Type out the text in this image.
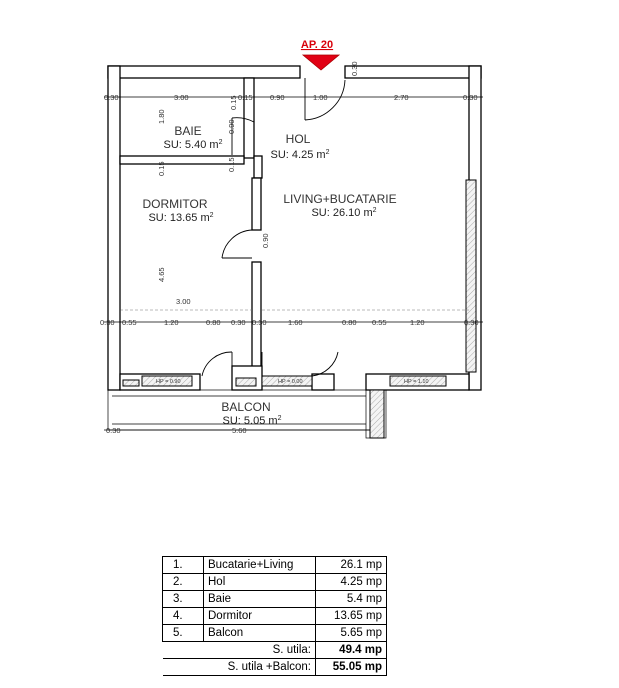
AP. 20
0.30	3.00	0.15 0.90	1.00	2.70	0.30
0.15
0.30
1.80
0.15
4.65
0.90
0.15
0.90
3.00
0.30 0.55	1.20	0.80 0.30 0.30	1.60	0.80 0.55	1.20	0.30
0.30	5.60
HP = 0.90	HP = 0.00	HP = 1.10
BAIE
SU: 5.40 $m^2$	HOL
SU: 4.25 $m^2$
DORMITOR
SU: 13.65 $m^2$
LIVING+BUCATARIE
SU: 26.10 $m^2$
BALCON
SU: 5.05 $m^2$
1.	Bucatarie+Living	26.1 mp
2.	Hol	4.25 mp
3.	Baie	5.4 mp
4.	Dormitor	13.65 mp
5.	Balcon	5.65 mp
S. utila:		49.4 mp
S. utila +Balcon:		55.05 mp
